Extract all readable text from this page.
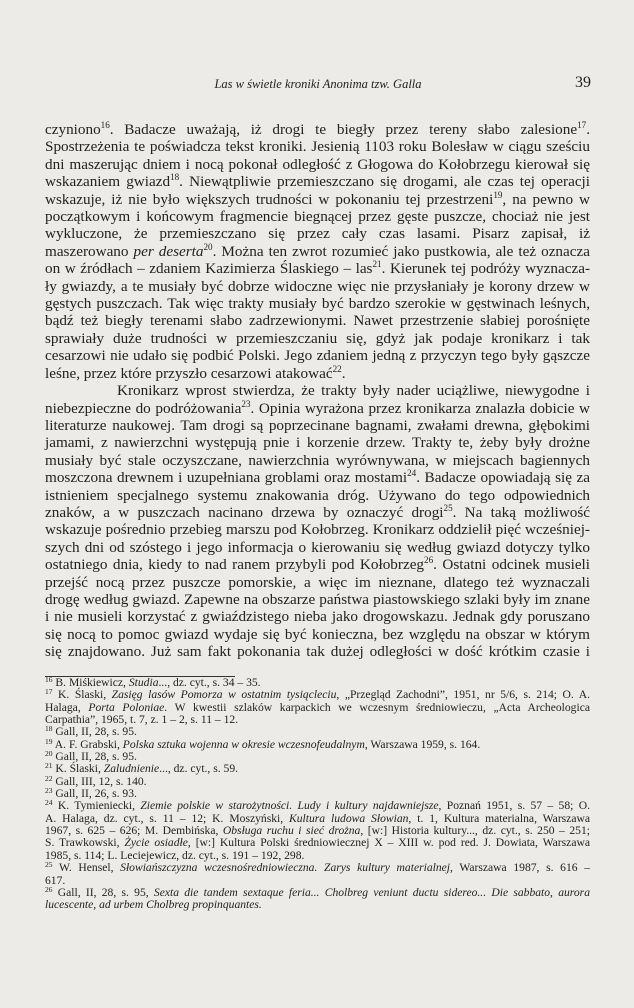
Las w świetle kroniki Anonima tzw. Galla	39
czyniono$^{16}$. Badacze uważają, iż drogi te biegły przez tereny słabo zalesione$^{17}$.
Spostrzeżenia te poświadcza tekst kroniki. Jesienią 1103 roku Bolesław w ciągu sześciu
dni maszerując dniem i nocą pokonał odległość z Głogowa do Kołobrzegu kierował się
wskazaniem gwiazd$^{18}$. Niewątpliwie przemieszczano się drogami, ale czas tej operacji
wskazuje, iż nie było większych trudności w pokonaniu tej przestrzeni$^{19}$, na pewno w
początkowym i końcowym fragmencie biegnącej przez gęste puszcze, chociaż nie jest
wykluczone, że przemieszczano się przez cały czas lasami. Pisarz zapisał, iż
maszerowano per deserta$^{20}$. Można ten zwrot rozumieć jako pustkowia, ale też oznacza
on w źródłach – zdaniem Kazimierza Ślaskiego – las$^{21}$. Kierunek tej podróży wyznacza-
ły gwiazdy, a te musiały być dobrze widoczne więc nie przysłaniały je korony drzew w
gęstych puszczach. Tak więc trakty musiały być bardzo szerokie w gęstwinach leśnych,
bądź też biegły terenami słabo zadrzewionymi. Nawet przestrzenie słabiej porośnięte
sprawiały duże trudności w przemieszczaniu się, gdyż jak podaje kronikarz i tak
cesarzowi nie udało się podbić Polski. Jego zdaniem jedną z przyczyn tego były gąszcze
leśne, przez które przyszło cesarzowi atakować$^{22}$.
Kronikarz wprost stwierdza, że trakty były nader uciążliwe, niewygodne i
niebezpieczne do podróżowania$^{23}$. Opinia wyrażona przez kronikarza znalazła dobicie w
literaturze naukowej. Tam drogi są poprzecinane bagnami, zwałami drewna, głębokimi
jamami, z nawierzchni występują pnie i korzenie drzew. Trakty te, żeby były drożne
musiały być stale oczyszczane, nawierzchnia wyrównywana, w miejscach bagiennych
moszczona drewnem i uzupełniana groblami oraz mostami$^{24}$. Badacze opowiadają się za
istnieniem specjalnego systemu znakowania dróg. Używano do tego odpowiednich
znaków, a w puszczach nacinano drzewa by oznaczyć drogi$^{25}$. Na taką możliwość
wskazuje pośrednio przebieg marszu pod Kołobrzeg. Kronikarz oddzielił pięć wcześniej-
szych dni od szóstego i jego informacja o kierowaniu się według gwiazd dotyczy tylko
ostatniego dnia, kiedy to nad ranem przybyli pod Kołobrzeg$^{26}$. Ostatni odcinek musieli
przejść nocą przez puszcze pomorskie, a więc im nieznane, dlatego też wyznaczali
drogę według gwiazd. Zapewne na obszarze państwa piastowskiego szlaki były im znane
i nie musieli korzystać z gwiaździstego nieba jako drogowskazu. Jednak gdy poruszano
się nocą to pomoc gwiazd wydaje się być konieczna, bez względu na obszar w którym
się znajdowano. Już sam fakt pokonania tak dużej odległości w dość krótkim czasie i
$^{16}$ B. Miśkiewicz, Studia..., dz. cyt., s. 34 – 35.
$^{17}$ K. Ślaski, Zasięg lasów Pomorza w ostatnim tysiącleciu, „Przegląd Zachodni”, 1951, nr 5/6, s. 214; O. A.
Halaga, Porta Poloniae. W kwestii szlaków karpackich we wczesnym średniowieczu, „Acta Archeologica
Carpathia”, 1965, t. 7, z. 1 – 2, s. 11 – 12.
$^{18}$ Gall, II, 28, s. 95.
$^{19}$ A. F. Grabski, Polska sztuka wojenna w okresie wczesnofeudalnym, Warszawa 1959, s. 164.
$^{20}$ Gall, II, 28, s. 95.
$^{21}$ K. Ślaski, Zaludnienie..., dz. cyt., s. 59.
$^{22}$ Gall, III, 12, s. 140.
$^{23}$ Gall, II, 26, s. 93.
$^{24}$ K. Tymieniecki, Ziemie polskie w starożytności. Ludy i kultury najdawniejsze, Poznań 1951, s. 57 – 58; O.
A. Halaga, dz. cyt., s. 11 – 12; K. Moszyński, Kultura ludowa Słowian, t. 1, Kultura materialna, Warszawa
1967, s. 625 – 626; M. Dembińska, Obsługa ruchu i sieć drożna, [w:] Historia kultury..., dz. cyt., s. 250 – 251;
S. Trawkowski, Życie osiadłe, [w:] Kultura Polski średniowiecznej X – XIII w. pod red. J. Dowiata, Warszawa
1985, s. 114; L. Leciejewicz, dz. cyt., s. 191 – 192, 298.
$^{25}$ W. Hensel, Słowiańszczyzna wczesnośredniowieczna. Zarys kultury materialnej, Warszawa 1987, s. 616 –
617.
$^{26}$ Gall, II, 28, s. 95, Sexta die tandem sextaque feria... Cholbreg veniunt ductu sidereo... Die sabbato, aurora
lucescente, ad urbem Cholbreg propinquantes.
